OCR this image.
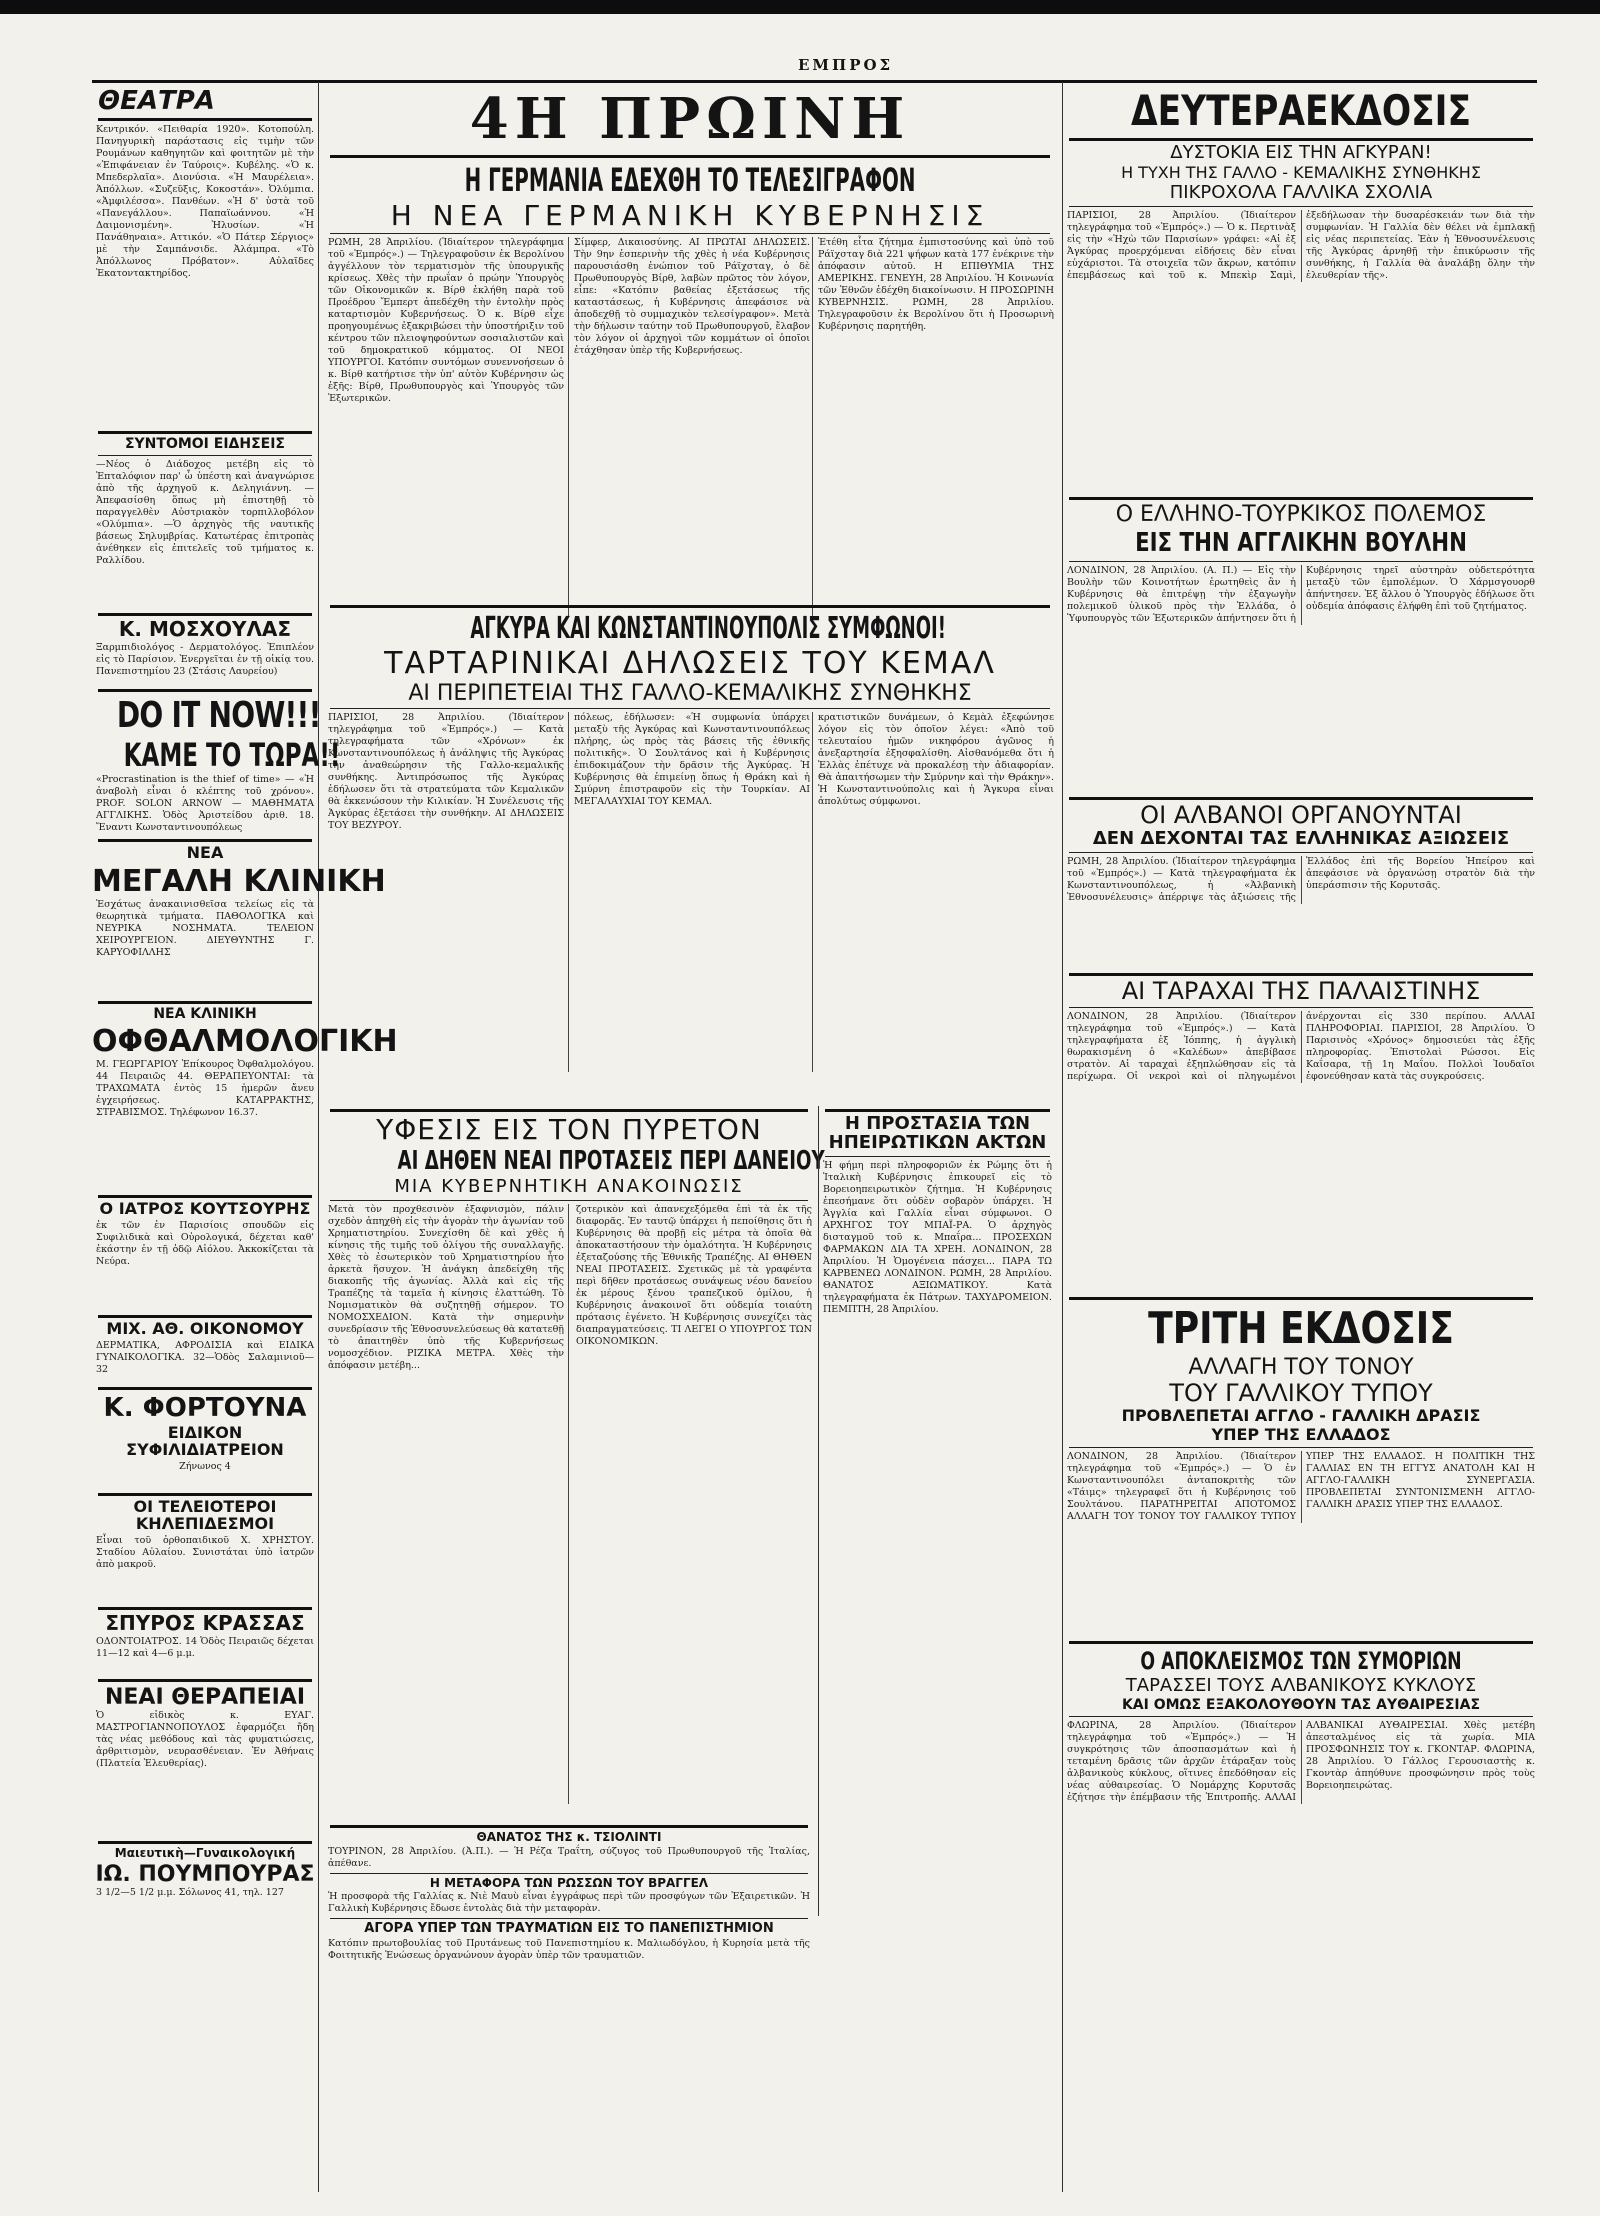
ΕΜΠΡΟΣ
ΘΕΑΤΡΑ

Κεντρικόν. «Πειθαρία 1920». Κοτοπούλη. Πανηγυρικὴ παράστασις εἰς τιμὴν τῶν Ρουμάνων καθηγητῶν καὶ φοιτητῶν μὲ τὴν «Ἐπιφάνειαν ἐν Ταύροις». Κυβέλης. «Ὁ κ. Μπεδερλαῖα». Διονύσια. «Ἡ Μαυρέλεια». Ἀπόλλων. «Συζεῦξις, Κοκοστάν». Ὀλύμπια. «Ἀμφιλέσσα». Πανθέων. «Ἡ δ' ὑστὰ τοῦ «Πανεγάλλου». Παπαϊωάννου. «Ἡ Δαιμονισμένη». Ἠλυσίων. «Ἡ Πανάθηναια». Αττικόν. «Ὁ Πάτερ Σέργιος» μὲ τὴν Σαμπάνσιδε. Ἀλάμπρα. «Τὸ Ἀπόλλωνος Πρόβατον». Αὐλαῖδες Ἐκατοντακτηρίδος.

ΣΥΝΤΟΜΟΙ ΕΙΔΗΣΕΙΣ

—Νέος ὁ Διάδοχος μετέβη εἰς τὸ Ἐπταλόφιον παρ' ὧ ὑπέστη καὶ ἀναγνώρισε ἀπὸ τῆς ἀρχηγοῦ κ. Δεληγιάννη. —Ἀπεφασίσθη ὅπως μὴ ἐπιστηθῇ τὸ παραγγελθὲν Αὐστριακὸν τορπιλλοβόλον «Ολύμπια». —Ὁ ἀρχηγὸς τῆς ναυτικῆς βάσεως Σηλυμβρίας. Κατωτέρας ἐπιτροπὰς ἀνέθηκεν εἰς ἐπιτελεῖς τοῦ τμήματος κ. Ραλλίδου.

Κ. ΜΟΣΧΟΥΛΑΣ

Ξαρμπιδιολόγος - Δερματολόγος. Ἐπιπλέον εἰς τὸ Παρίσιον. Ἐνεργεῖται ἐν τῇ οἰκίᾳ του. Πανεπιστημίου 23 (Στάσις Λαυρείου)

DO IT NOW!!!
ΚΑΜΕ ΤΟ ΤΩΡΑ!!

«Procrastination is the thief of time» — «Ἡ ἀναβολὴ εἶναι ὁ κλέπτης τοῦ χρόνου». PROF. SOLON ARNOW — ΜΑΘΗΜΑΤΑ ΑΓΓΛΙΚΗΣ. Ὁδὸς Ἀριστείδου ἀριθ. 18. Ἔναντι Κωνσταντινουπόλεως

ΝΕΑ
ΜΕΓΑΛΗ ΚΛΙΝΙΚΗ

Ἐσχάτως ἀνακαινισθεῖσα τελείως εἰς τὰ θεωρητικὰ τμήματα. ΠΑΘΟΛΟΓΙΚΑ καὶ ΝΕΥΡΙΚΑ ΝΟΣΗΜΑΤΑ. ΤΕΛΕΙΟΝ ΧΕΙΡΟΥΡΓΕΙΟΝ. ΔΙΕΥΘΥΝΤΗΣ Γ. ΚΑΡΥΟΦΙΛΛΗΣ

ΝΕΑ ΚΛΙΝΙΚΗ
ΟΦΘΑΛΜΟΛΟΓΙΚΗ

Μ. ΓΕΩΡΓΑΡΙΟΥ Ἐπίκουρος Ὀφθαλμολόγου. 44 Πειραιῶς 44. ΘΕΡΑΠΕΥΟΝΤΑΙ: τὰ ΤΡΑΧΩΜΑΤΑ ἐντὸς 15 ἡμερῶν ἄνευ ἐγχειρήσεως. ΚΑΤΑΡΡΑΚΤΗΣ, ΣΤΡΑΒΙΣΜΟΣ. Τηλέφωνον 16.37.

Ο ΙΑΤΡΟΣ ΚΟΥΤΣΟΥΡΗΣ

ἐκ τῶν ἐν Παρισίοις σπουδῶν εἰς Συφιλιδικὰ καὶ Οὐρολογικά, δέχεται καθ' ἑκάστην ἐν τῇ ὁδῷ Αἰόλου. Ἀκκοκίζεται τὰ Νεύρα.

ΜΙΧ. ΑΘ. ΟΙΚΟΝΟΜΟΥ

ΔΕΡΜΑΤΙΚΑ, ΑΦΡΟΔΙΣΙΑ καὶ ΕΙΔΙΚΑ ΓΥΝΑΙΚΟΛΟΓΙΚΑ. 32—Ὁδὸς Σαλαμινιοῦ—32

Κ. ΦΟΡΤΟΥΝΑ
ΕΙΔΙΚΟΝ ΣΥΦΙΛΙΔΙΑΤΡΕΙΟΝ

Ζήνωνος 4

ΟΙ ΤΕΛΕΙΟΤΕΡΟΙ ΚΗΛΕΠΙΔΕΣΜΟΙ

Εἶναι τοῦ ὀρθοπαιδικοῦ Χ. ΧΡΗΣΤΟΥ. Σταδίου Αὐλαίου. Συνιστάται ὑπὸ ἰατρῶν ἀπὸ μακροῦ.

ΣΠΥΡΟΣ ΚΡΑΣΣΑΣ

ΟΔΟΝΤΟΙΑΤΡΟΣ. 14 Ὁδὸς Πειραιῶς δέχεται 11—12 καὶ 4—6 μ.μ.

ΝΕΑΙ ΘΕΡΑΠΕΙΑΙ

Ὁ εἰδικὸς κ. ΕΥΑΓ. ΜΑΣΤΡΟΓΙΑΝΝΟΠΟΥΛΟΣ ἐφαρμόζει ἤδη τὰς νέας μεθόδους καὶ τὰς φυματιώσεις, ἀρθριτισμὸν, νευρασθένειαν. Ἐν Ἀθήναις (Πλατεία Ἐλευθερίας).

Μαιευτικὴ—Γυναικολογική
ΙΩ. ΠΟΥΜΠΟΥΡΑΣ

3 1/2—5 1/2 μ.μ. Σόλωνος 41, τηλ. 127

4Η ΠΡΩΙΝΗ
Η ΓΕΡΜΑΝΙΑ ΕΔΕΧΘΗ ΤΟ ΤΕΛΕΣΙΓΡΑΦΟΝ
Η ΝΕΑ ΓΕΡΜΑΝΙΚΗ ΚΥΒΕΡΝΗΣΙΣ

ΡΩΜΗ, 28 Ἀπριλίου. (Ἰδιαίτερον τηλεγράφημα τοῦ «Ἐμπρός».) — Τηλεγραφοῦσιν ἐκ Βερολίνου ἀγγέλλουν τὸν τερματισμὸν τῆς ὑπουργικῆς κρίσεως. Χθὲς τὴν πρωΐαν ὁ πρώην Ὑπουργὸς τῶν Οἰκονομικῶν κ. Βίρθ ἐκλήθη παρὰ τοῦ Προέδρου Ἔμπερτ ἀπεδέχθη τὴν ἐντολὴν πρὸς καταρτισμὸν Κυβερνήσεως. Ὁ κ. Βίρθ εἶχε προηγουμένως ἐξακριβώσει τὴν ὑποστήριξιν τοῦ κέντρου τῶν πλειοψηφούντων σοσιαλιστῶν καὶ τοῦ δημοκρατικοῦ κόμματος. ΟΙ ΝΕΟΙ ΥΠΟΥΡΓΟΙ. Κατόπιν συντόμων συνεννοήσεων ὁ κ. Βίρθ κατήρτισε τὴν ὑπ' αὐτὸν Κυβέρνησιν ὡς ἑξῆς: Βίρθ, Πρωθυπουργὸς καὶ Ὑπουργὸς τῶν Ἐξωτερικῶν.

Σίμφερ, Δικαιοσύνης. ΑΙ ΠΡΩΤΑΙ ΔΗΛΩΣΕΙΣ. Τὴν 9ην ἑσπερινὴν τῆς χθὲς ἡ νέα Κυβέρνησις παρουσιάσθη ἐνώπιον τοῦ Ράϊχσταγ, ὁ δὲ Πρωθυπουργὸς Βίρθ, λαβὼν πρῶτος τὸν λόγον, εἶπε: «Κατόπιν βαθείας ἐξετάσεως τῆς καταστάσεως, ἡ Κυβέρνησις ἀπεφάσισε νὰ ἀποδεχθῇ τὸ συμμαχικὸν τελεσίγραφον». Μετὰ τὴν δήλωσιν ταύτην τοῦ Πρωθυπουργοῦ, ἔλαβον τὸν λόγον οἱ ἀρχηγοὶ τῶν κομμάτων οἱ ὁποῖοι ἐτάχθησαν ὑπὲρ τῆς Κυβερνήσεως.

Ἐτέθη εἶτα ζήτημα ἐμπιστοσύνης καὶ ὑπὸ τοῦ Ράϊχσταγ διὰ 221 ψήφων κατὰ 177 ἐνέκρινε τὴν ἀπόφασιν αὐτοῦ. Η ΕΠΙΘΥΜΙΑ ΤΗΣ ΑΜΕΡΙΚΗΣ. ΓΕΝΕΥΗ, 28 Ἀπριλίου. Ἡ Κοινωνία τῶν Ἐθνῶν ἐδέχθη διακοίνωσιν. Η ΠΡΟΣΩΡΙΝΗ ΚΥΒΕΡΝΗΣΙΣ. ΡΩΜΗ, 28 Ἀπριλίου. Τηλεγραφοῦσιν ἐκ Βερολίνου ὅτι ἡ Προσωρινὴ Κυβέρνησις παρητήθη.

ΑΓΚΥΡΑ ΚΑΙ ΚΩΝΣΤΑΝΤΙΝΟΥΠΟΛΙΣ ΣΥΜΦΩΝΟΙ!
ΤΑΡΤΑΡΙΝΙΚΑΙ ΔΗΛΩΣΕΙΣ ΤΟΥ ΚΕΜΑΛ
ΑΙ ΠΕΡΙΠΕΤΕΙΑΙ ΤΗΣ ΓΑΛΛΟ-ΚΕΜΑΛΙΚΗΣ ΣΥΝΘΗΚΗΣ

ΠΑΡΙΣΙΟΙ, 28 Ἀπριλίου. (Ἰδιαίτερον τηλεγράφημα τοῦ «Ἐμπρός».) — Κατὰ τηλεγραφήματα τῶν «Χρόνων» ἐκ Κωνσταντινουπόλεως ἡ ἀνάληψις τῆς Ἀγκύρας τὴν ἀναθεώρησιν τῆς Γαλλο-κεμαλικῆς συνθήκης. Ἀντιπρόσωπος τῆς Ἀγκύρας ἐδήλωσεν ὅτι τὰ στρατεύματα τῶν Κεμαλικῶν θὰ ἐκκενώσουν τὴν Κιλικίαν. Ἡ Συνέλευσις τῆς Ἀγκύρας ἐξετάσει τὴν συνθήκην. ΑΙ ΔΗΛΩΣΕΙΣ ΤΟΥ ΒΕΖΥΡΟΥ.

πόλεως, ἐδήλωσεν: «Ἡ συμφωνία ὑπάρχει μεταξὺ τῆς Ἀγκύρας καὶ Κωνσταντινουπόλεως πλήρης, ὡς πρὸς τὰς βάσεις τῆς ἐθνικῆς πολιτικῆς». Ὁ Σουλτάνος καὶ ἡ Κυβέρνησις ἐπιδοκιμάζουν τὴν δρᾶσιν τῆς Ἀγκύρας. Ἡ Κυβέρνησις θὰ ἐπιμείνῃ ὅπως ἡ Θράκη καὶ ἡ Σμύρνη ἐπιστραφοῦν εἰς τὴν Τουρκίαν. ΑΙ ΜΕΓΑΛΑΥΧΙΑΙ ΤΟΥ ΚΕΜΑΛ.

κρατιστικῶν δυνάμεων, ὁ Κεμὰλ ἐξεφώνησε λόγον εἰς τὸν ὁποῖον λέγει: «Ἀπὸ τοῦ τελευταίου ἡμῶν νικηφόρου ἀγῶνος ἡ ἀνεξαρτησία ἐξησφαλίσθη. Αἰσθανόμεθα ὅτι ἡ Ἑλλὰς ἐπέτυχε νὰ προκαλέσῃ τὴν ἀδιαφορίαν. Θὰ ἀπαιτήσωμεν τὴν Σμύρνην καὶ τὴν Θράκην». Ἡ Κωνσταντινούπολις καὶ ἡ Ἄγκυρα εἶναι ἀπολύτως σύμφωνοι.

ΥΦΕΣΙΣ ΕΙΣ ΤΟΝ ΠΥΡΕΤΟΝ
ΑΙ ΔΗΘΕΝ ΝΕΑΙ ΠΡΟΤΑΣΕΙΣ ΠΕΡΙ ΔΑΝΕΙΟΥ
ΜΙΑ ΚΥΒΕΡΝΗΤΙΚΗ ΑΝΑΚΟΙΝΩΣΙΣ

Μετὰ τὸν προχθεσινὸν ἐξαφνισμὸν, πάλιν σχεδὸν ἀπηχθὴ εἰς τὴν ἀγορὰν τὴν ἀγωνίαν τοῦ Χρηματιστηρίου. Συνεχίσθη δὲ καὶ χθὲς ἡ κίνησις τῆς τιμῆς τοῦ ὀλίγου τῆς συναλλαγῆς. Χθὲς τὸ ἐσωτερικὸν τοῦ Χρηματιστηρίου ἦτο ἀρκετὰ ἥσυχον. Ἡ ἀνάγκη ἀπεδείχθη τῆς διακοπῆς τῆς ἀγωνίας. Ἀλλὰ καὶ εἰς τῆς Τραπέζης τὰ ταμεῖα ἡ κίνησις ἐλαττώθη. Τὸ Νομισματικὸν θὰ συζητηθῇ σήμερον. ΤΟ ΝΟΜΟΣΧΕΔΙΟΝ. Κατὰ τὴν σημερινὴν συνεδρίασιν τῆς Ἐθνοσυνελεύσεως θὰ κατατεθῇ τὸ ἀπαιτηθὲν ὑπὸ τῆς Κυβερνήσεως νομοσχέδιον. ΡΙΖΙΚΑ ΜΕΤΡΑ. Χθὲς τὴν ἀπόφασιν μετέβη...

ζοτερικὸν καὶ ἀπανεχεξόμεθα ἐπὶ τὰ ἐκ τῆς διαφορᾶς. Ἐν ταυτῷ ὑπάρχει ἡ πεποίθησις ὅτι ἡ Κυβέρνησις θὰ προβῇ εἰς μέτρα τὰ ὁποῖα θὰ ἀποκαταστήσουν τὴν ὁμαλότητα. Ἡ Κυβέρνησις ἐξεταζούσης τῆς Ἐθνικῆς Τραπέζης. ΑΙ ΘΗΘΕΝ ΝΕΑΙ ΠΡΟΤΑΣΕΙΣ. Σχετικῶς μὲ τὰ γραφέντα περὶ δῆθεν προτάσεως συνάψεως νέου δανείου ἐκ μέρους ξένου τραπεζικοῦ ὁμίλου, ἡ Κυβέρνησις ἀνακοινοῖ ὅτι οὐδεμία τοιαύτη πρότασις ἐγένετο. Ἡ Κυβέρνησις συνεχίζει τὰς διαπραγματεύσεις. ΤΙ ΛΕΓΕΙ Ο ΥΠΟΥΡΓΟΣ ΤΩΝ ΟΙΚΟΝΟΜΙΚΩΝ.

Η ΠΡΟΣΤΑΣΙΑ ΤΩΝ ΗΠΕΙΡΩΤΙΚΩΝ ΑΚΤΩΝ

Ἡ φήμη περὶ πληροφοριῶν ἐκ Ρώμης ὅτι ἡ Ἰταλικὴ Κυβέρνησις ἐπικουρεῖ εἰς τὸ Βορειοηπειρωτικὸν ζήτημα. Ἡ Κυβέρνησις ἐπεσήμανε ὅτι οὐδὲν σοβαρὸν ὑπάρχει. Ἡ Ἀγγλία καὶ Γαλλία εἶναι σύμφωνοι. Ο ΑΡΧΗΓΟΣ ΤΟΥ ΜΠΑΪ-ΡΑ. Ὁ ἀρχηγὸς δισταγμοῦ τοῦ κ. Μπαΐρα... ΠΡΟΣΕΧΩΝ ΦΑΡΜΑΚΩΝ ΔΙΑ ΤΑ ΧΡΕΗ. ΛΟΝΔΙΝΟΝ, 28 Ἀπριλίου. Ἡ Ὁμογένεια πάσχει... ΠΑΡΑ ΤΩ ΚΑΡΒΕΝΕΩ ΛΟΝΔΙΝΟΝ. ΡΩΜΗ, 28 Ἀπριλίου. ΘΑΝΑΤΟΣ ΑΞΙΩΜΑΤΙΚΟΥ. Κατὰ τηλεγραφήματα ἐκ Πάτρων. ΤΑΧΥΔΡΟΜΕΙΟΝ. ΠΕΜΠΤΗ, 28 Ἀπριλίου.

ΘΑΝΑΤΟΣ ΤΗΣ κ. ΤΣΙΟΛΙΝΤΙ

ΤΟΥΡΙΝΟΝ, 28 Ἀπριλίου. (Ἀ.Π.). — Ἡ Ρέζα Τραΐτη, σύζυγος τοῦ Πρωθυπουργοῦ τῆς Ἰταλίας, ἀπέθανε.

Η ΜΕΤΑΦΟΡΑ ΤΩΝ ΡΩΣΣΩΝ ΤΟΥ ΒΡΑΓΓΕΛ

Ἡ προσφορὰ τῆς Γαλλίας κ. Νιὲ Μαυὺ εἶναι ἐγγράφως περὶ τῶν προσφύγων τῶν Ἐξαιρετικῶν. Ἡ Γαλλικὴ Κυβέρνησις ἔδωσε ἐντολὰς διὰ τὴν μεταφορὰν.

ΑΓΟΡΑ ΥΠΕΡ ΤΩΝ ΤΡΑΥΜΑΤΙΩΝ ΕΙΣ ΤΟ ΠΑΝΕΠΙΣΤΗΜΙΟΝ

Κατόπιν πρωτοβουλίας τοῦ Πρυτάνεως τοῦ Πανεπιστημίου κ. Μαλιωδόγλου, ἡ Κυρησία μετὰ τῆς Φοιτητικῆς Ἑνώσεως ὀργανώνουν ἀγορὰν ὑπὲρ τῶν τραυματιῶν.

ΔΕΥΤΕΡΑΕΚΔΟΣΙΣ
ΔΥΣΤΟΚΙΑ ΕΙΣ ΤΗΝ ΑΓΚΥΡΑΝ!
Η ΤΥΧΗ ΤΗΣ ΓΑΛΛΟ - ΚΕΜΑΛΙΚΗΣ ΣΥΝΘΗΚΗΣ
ΠΙΚΡΟΧΟΛΑ ΓΑΛΛΙΚΑ ΣΧΟΛΙΑ

ΠΑΡΙΣΙΟΙ, 28 Ἀπριλίου. (Ἰδιαίτερον τηλεγράφημα τοῦ «Ἐμπρός».) — Ὁ κ. Περτινὰξ εἰς τὴν «Ἠχὼ τῶν Παρισίων» γράφει: «Αἱ ἐξ Ἀγκύρας προερχόμεναι εἰδήσεις δὲν εἶναι εὐχάριστοι. Τὰ στοιχεῖα τῶν ἄκρων, κατόπιν ἐπεμβάσεως καὶ τοῦ κ. Μπεκὶρ Σαμὶ, ἐξεδήλωσαν τὴν δυσαρέσκειάν των διὰ τὴν συμφωνίαν. Ἡ Γαλλία δὲν θέλει νὰ ἐμπλακῇ εἰς νέας περιπετείας. Ἐὰν ἡ Ἐθνοσυνέλευσις τῆς Ἀγκύρας ἀρνηθῇ τὴν ἐπικύρωσιν τῆς συνθήκης, ἡ Γαλλία θὰ ἀναλάβῃ ὅλην τὴν ἐλευθερίαν τῆς».

Ο ΕΛΛΗΝΟ-ΤΟΥΡΚΙΚΟΣ ΠΟΛΕΜΟΣ
ΕΙΣ ΤΗΝ ΑΓΓΛΙΚΗΝ ΒΟΥΛΗΝ

ΛΟΝΔΙΝΟΝ, 28 Ἀπριλίου. (Α. Π.) — Εἰς τὴν Βουλὴν τῶν Κοινοτήτων ἐρωτηθεὶς ἂν ἡ Κυβέρνησις θὰ ἐπιτρέψῃ τὴν ἐξαγωγὴν πολεμικοῦ ὑλικοῦ πρὸς τὴν Ἑλλάδα, ὁ Ὑφυπουργὸς τῶν Ἐξωτερικῶν ἀπήντησεν ὅτι ἡ Κυβέρνησις τηρεῖ αὐστηρὰν οὐδετερότητα μεταξὺ τῶν ἐμπολέμων. Ὁ Χάρμσγουορθ ἀπήντησεν. Ἐξ ἄλλου ὁ Ὑπουργὸς ἐδήλωσε ὅτι οὐδεμία ἀπόφασις ἐλήφθη ἐπὶ τοῦ ζητήματος.

ΟΙ ΑΛΒΑΝΟΙ ΟΡΓΑΝΟΥΝΤΑΙ
ΔΕΝ ΔΕΧΟΝΤΑΙ ΤΑΣ ΕΛΛΗΝΙΚΑΣ ΑΞΙΩΣΕΙΣ

ΡΩΜΗ, 28 Ἀπριλίου. (Ἰδιαίτερον τηλεγράφημα τοῦ «Ἐμπρός».) — Κατὰ τηλεγραφήματα ἐκ Κωνσταντινουπόλεως, ἡ «Ἀλβανικὴ Ἐθνοσυνέλευσις» ἀπέρριψε τὰς ἀξιώσεις τῆς Ἑλλάδος ἐπὶ τῆς Βορείου Ἠπείρου καὶ ἀπεφάσισε νὰ ὀργανώσῃ στρατὸν διὰ τὴν ὑπεράσπισιν τῆς Κορυτσᾶς.

ΑΙ ΤΑΡΑΧΑΙ ΤΗΣ ΠΑΛΑΙΣΤΙΝΗΣ

ΛΟΝΔΙΝΟΝ, 28 Ἀπριλίου. (Ἰδιαίτερον τηλεγράφημα τοῦ «Ἐμπρός».) — Κατὰ τηλεγραφήματα ἐξ Ἰόππης, ἡ ἀγγλικὴ θωρακισμένη ὁ «Καλέδων» ἀπεβίβασε στρατὸν. Αἱ ταραχαὶ ἐξηπλώθησαν εἰς τὰ περίχωρα. Οἱ νεκροὶ καὶ οἱ πληγωμένοι ἀνέρχονται εἰς 330 περίπου. ΑΛΛΑΙ ΠΛΗΡΟΦΟΡΙΑΙ. ΠΑΡΙΣΙΟΙ, 28 Ἀπριλίου. Ὁ Παρισινὸς «Χρόνος» δημοσιεύει τὰς ἑξῆς πληροφορίας. Ἐπιστολαὶ Ρώσσοι. Εἰς Καΐσαρα, τῇ 1η Μαΐου. Πολλοὶ Ἰουδαῖοι ἐφονεύθησαν κατὰ τὰς συγκρούσεις.

ΤΡΙΤΗ ΕΚΔΟΣΙΣ
ΑΛΛΑΓΗ ΤΟΥ ΤΟΝΟΥ
ΤΟΥ ΓΑΛΛΙΚΟΥ ΤΥΠΟΥ
ΠΡΟΒΛΕΠΕΤΑΙ ΑΓΓΛΟ - ΓΑΛΛΙΚΗ ΔΡΑΣΙΣ
ΥΠΕΡ ΤΗΣ ΕΛΛΑΔΟΣ

ΛΟΝΔΙΝΟΝ, 28 Ἀπριλίου. (Ἰδιαίτερον τηλεγράφημα τοῦ «Ἐμπρός».) — Ὁ ἐν Κωνσταντινουπόλει ἀνταποκριτὴς τῶν «Τάιμς» τηλεγραφεῖ ὅτι ἡ Κυβέρνησις τοῦ Σουλτάνου. ΠΑΡΑΤΗΡΕΙΤΑΙ ΑΠΟΤΟΜΟΣ ΑΛΛΑΓΗ ΤΟΥ ΤΟΝΟΥ ΤΟΥ ΓΑΛΛΙΚΟΥ ΤΥΠΟΥ ΥΠΕΡ ΤΗΣ ΕΛΛΑΔΟΣ. Η ΠΟΛΙΤΙΚΗ ΤΗΣ ΓΑΛΛΙΑΣ ΕΝ ΤΗ ΕΓΓΥΣ ΑΝΑΤΟΛΗ ΚΑΙ Η ΑΓΓΛΟ-ΓΑΛΛΙΚΗ ΣΥΝΕΡΓΑΣΙΑ. ΠΡΟΒΛΕΠΕΤΑΙ ΣΥΝΤΟΝΙΣΜΕΝΗ ΑΓΓΛΟ-ΓΑΛΛΙΚΗ ΔΡΑΣΙΣ ΥΠΕΡ ΤΗΣ ΕΛΛΑΔΟΣ.

Ο ΑΠΟΚΛΕΙΣΜΟΣ ΤΩΝ ΣΥΜΟΡΙΩΝ
ΤΑΡΑΣΣΕΙ ΤΟΥΣ ΑΛΒΑΝΙΚΟΥΣ ΚΥΚΛΟΥΣ
ΚΑΙ ΟΜΩΣ ΕΞΑΚΟΛΟΥΘΟΥΝ ΤΑΣ ΑΥΘΑΙΡΕΣΙΑΣ

ΦΛΩΡΙΝΑ, 28 Ἀπριλίου. (Ἰδιαίτερον τηλεγράφημα τοῦ «Ἐμπρός».) — Ἡ συγκρότησις τῶν ἀποσπασμάτων καὶ ἡ τεταμένη δρᾶσις τῶν ἀρχῶν ἐτάραξαν τοὺς ἀλβανικοὺς κύκλους, οἵτινες ἐπεδόθησαν εἰς νέας αὐθαιρεσίας. Ὁ Νομάρχης Κορυτσᾶς ἐζήτησε τὴν ἐπέμβασιν τῆς Ἐπιτροπῆς. ΑΛΛΑΙ ΑΛΒΑΝΙΚΑΙ ΑΥΘΑΙΡΕΣΙΑΙ. Χθὲς μετέβη ἀπεσταλμένος εἰς τὰ χωρία. ΜΙΑ ΠΡΟΣΦΩΝΗΣΙΣ ΤΟΥ κ. ΓΚΟΝΤΑΡ. ΦΛΩΡΙΝΑ, 28 Ἀπριλίου. Ὁ Γάλλος Γερουσιαστὴς κ. Γκοντὰρ ἀπηύθυνε προσφώνησιν πρὸς τοὺς Βορειοηπειρώτας.
